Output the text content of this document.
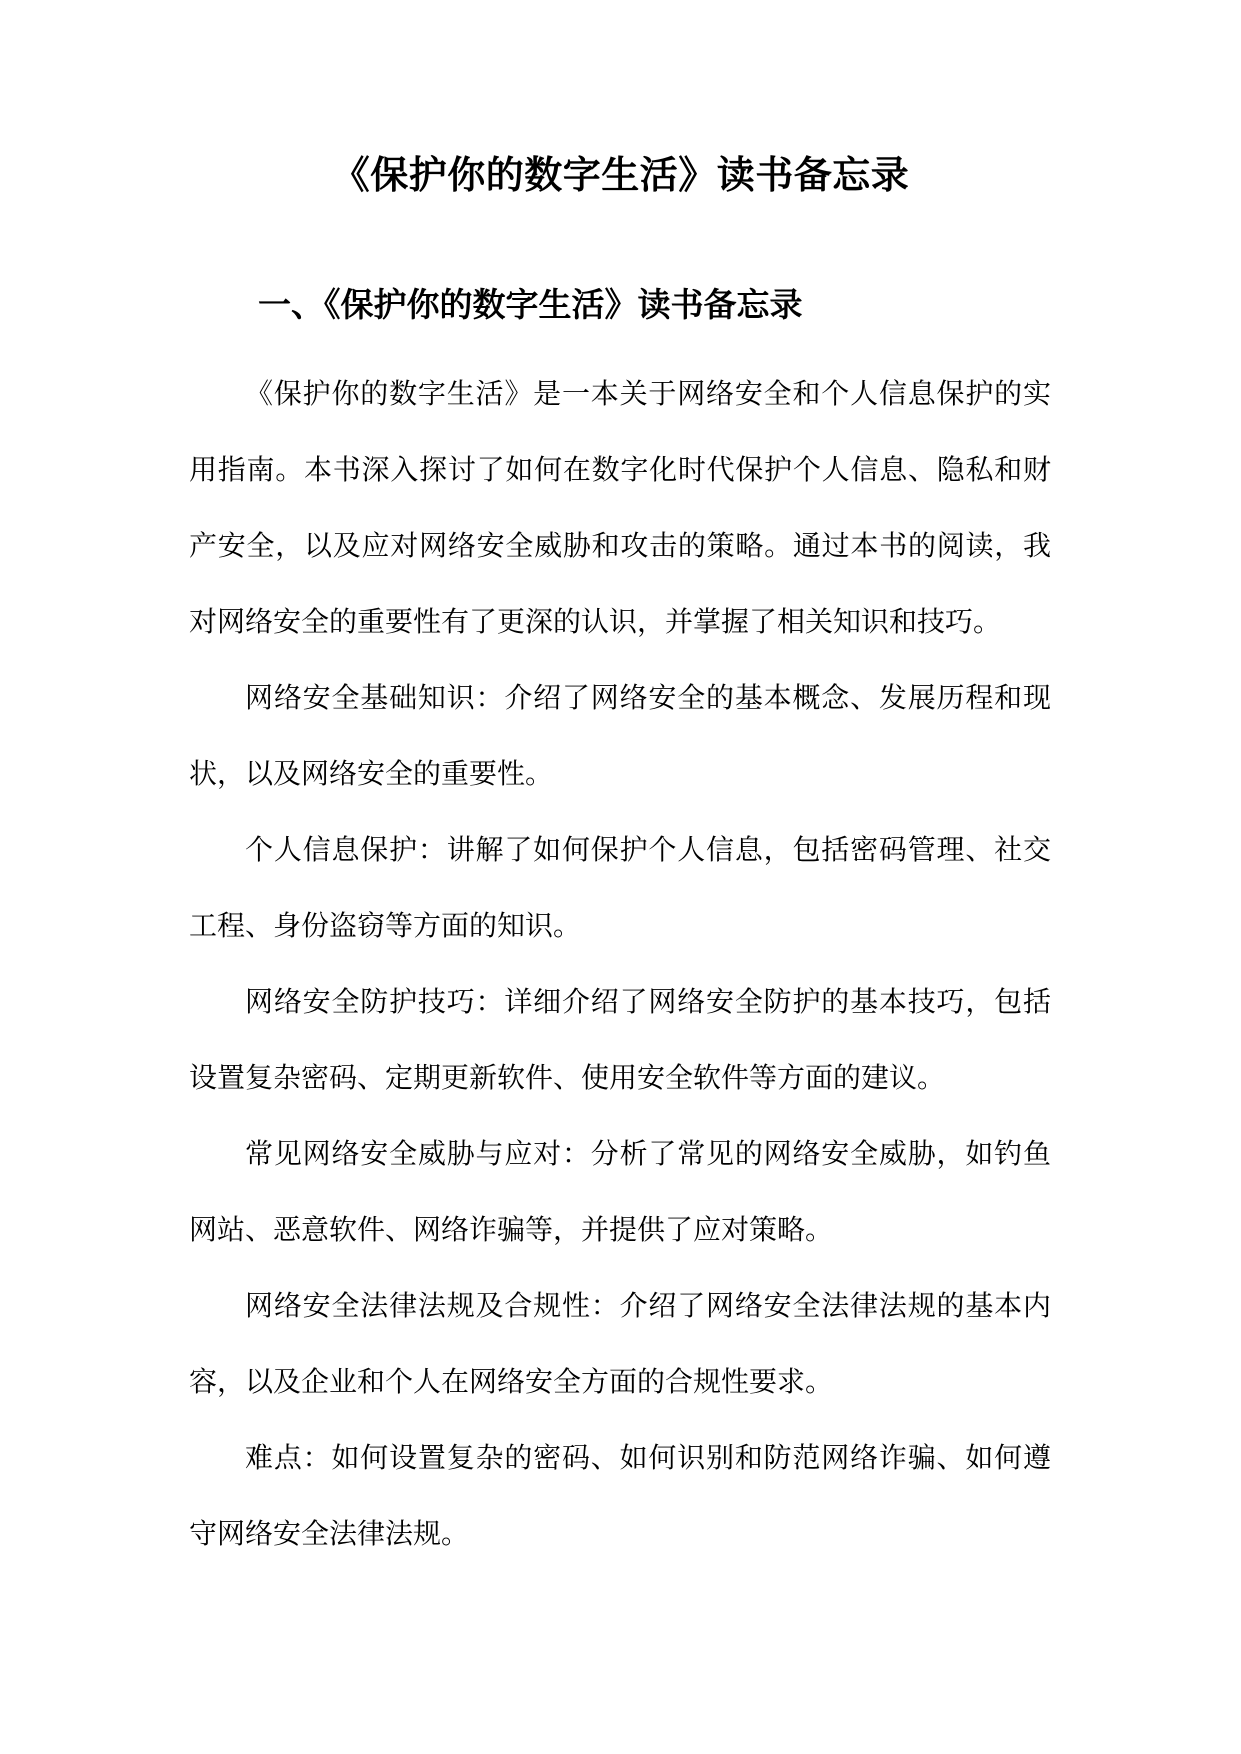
《保护你的数字生活》读书备忘录
一、《保护你的数字生活》读书备忘录

《保护你的数字生活》是一本关于网络安全和个人信息保护的实用指南。本书深入探讨了如何在数字化时代保护个人信息、隐私和财产安全，以及应对网络安全威胁和攻击的策略。通过本书的阅读，我对网络安全的重要性有了更深的认识，并掌握了相关知识和技巧。

网络安全基础知识：介绍了网络安全的基本概念、发展历程和现状，以及网络安全的重要性。

个人信息保护：讲解了如何保护个人信息，包括密码管理、社交工程、身份盗窃等方面的知识。

网络安全防护技巧：详细介绍了网络安全防护的基本技巧，包括设置复杂密码、定期更新软件、使用安全软件等方面的建议。

常见网络安全威胁与应对：分析了常见的网络安全威胁，如钓鱼网站、恶意软件、网络诈骗等，并提供了应对策略。

网络安全法律法规及合规性：介绍了网络安全法律法规的基本内容，以及企业和个人在网络安全方面的合规性要求。

难点：如何设置复杂的密码、如何识别和防范网络诈骗、如何遵守网络安全法律法规。
